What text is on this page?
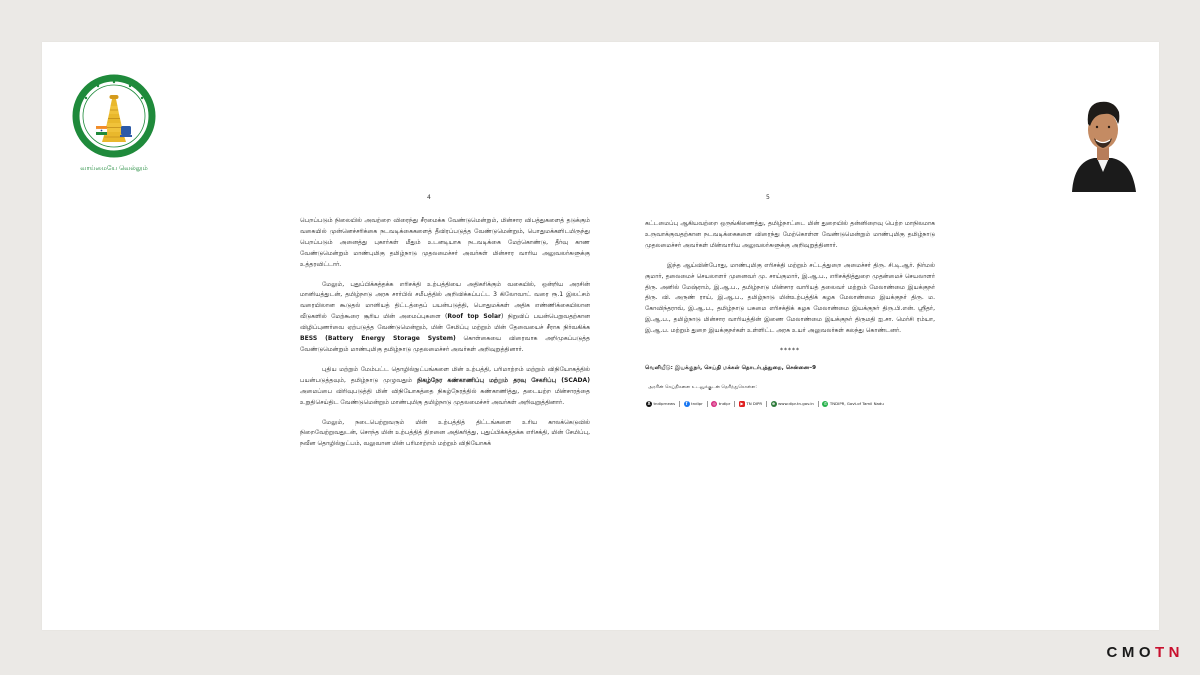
வாய்மையே வெல்லும்
4	5

பெறப்படும் நிலையில் அவற்றை விரைந்து சீரமைக்க வேண்டுமென்றும், மின்சார விபத்துகளைத் தடுக்கும் வகையில் முன்னெச்சரிக்கை நடவடிக்கைகளைத் தீவிரப்படுத்த வேண்டுமென்றும், பொதுமக்களிடமிருந்து பெறப்படும் அனைத்து புகார்கள் மீதும் உடனடியாக நடவடிக்கை மேற்கொண்டு, தீர்வு காண வேண்டுமென்றும் மாண்புமிகு தமிழ்நாடு முதலமைச்சர் அவர்கள் மின்சார வாரிய அலுவலர்களுக்கு உத்தரவிட்டார்.

மேலும், புதுப்பிக்கத்தக்க எரிசக்தி உற்பத்தியை அதிகரிக்கும் வகையில், ஒன்றிய அரசின் மானியத்துடன், தமிழ்நாடு அரசு சார்பில் சமீபத்தில் அறிவிக்கப்பட்ட 3 கிலோவாட் வரை ரூ.1 இலட்சம் வரையிலான கூடுதல் மானியத் திட்டத்தைப் பயன்படுத்தி, பொதுமக்கள் அதிக எண்ணிக்கையிலான வீடுகளில் மேற்கூரை சூரிய மின் அமைப்புகளை (Roof top Solar) நிறுவிப் பயன்பெறுவதற்கான விழிப்புணர்வை ஏற்படுத்த வேண்டுமென்றும், மின் சேமிப்பு மற்றும் மின் தேவையைச் சீராக நிர்வகிக்க BESS (Battery Energy Storage System) கொள்கையை விரைவாக அறிமுகப்படுத்த வேண்டுமென்றும் மாண்புமிகு தமிழ்நாடு முதலமைச்சர் அவர்கள் அறிவுறுத்தினார்.

புதிய மற்றும் மேம்பட்ட தொழில்நுட்பங்களை மின் உற்பத்தி, பரிமாற்றம் மற்றும் விநியோகத்தில் பயன்படுத்தவும், தமிழ்நாடு முழுவதும் நிகழ்நேர கண்காணிப்பு மற்றும் தரவு சேகரிப்பு (SCADA) அமைப்பை விரிவுபடுத்தி மின் விநியோகத்தை நிகழ்நேரத்தில் கண்காணித்து, தடையற்ற மின்சாரத்தை உறுதிசெய்திட வேண்டுமென்றும் மாண்புமிகு தமிழ்நாடு முதலமைச்சர் அவர்கள் அறிவுறுத்தினார்.

மேலும், நடைபெற்றுவரும் மின் உற்பத்தித் திட்டங்களை உரிய காலக்கெடுவில் நிறைவேற்றுவதுடன், சொந்த மின் உற்பத்தித் திறனை அதிகரித்து, புதுப்பிக்கத்தக்க எரிசக்தி, மின் சேமிப்பு, நவீன தொழில்நுட்பம், வலுவான மின் பரிமாற்றம் மற்றும் விநியோகக்

கட்டமைப்பு ஆகியவற்றை ஒருங்கிணைத்து, தமிழ்நாட்டை மின் துறையில் தன்னிறைவு பெற்ற மாநிலமாக உருவாக்குவதற்கான நடவடிக்கைகளை விரைந்து மேற்கொள்ள வேண்டுமென்றும் மாண்புமிகு தமிழ்நாடு முதலமைச்சர் அவர்கள் மின்வாரிய அலுவலர்களுக்கு அறிவுறுத்தினார்.

இந்த ஆய்வின்போது, மாண்புமிகு எரிசக்தி மற்றும் சட்டத்துறை அமைச்சர் திரு. சி.டி.ஆர். நிர்மல் குமார், தலைமைச் செயலாளர் முனைவர் மு. சாய்குமார், இ.ஆ.ப., எரிசக்தித்துறை முதன்மைச் செயலாளர் திரு. அனில் மேஷ்ராம், இ.ஆ.ப., தமிழ்நாடு மின்சார வாரியத் தலைவர் மற்றும் மேலாண்மை இயக்குநர் திரு. வி. அருண் ராய், இ.ஆ.ப., தமிழ்நாடு மின்உற்பத்திக் கழக மேலாண்மை இயக்குநர் திரு. ம. கோவிந்தராவ், இ.ஆ.ப., தமிழ்நாடு பசுமை எரிசக்திக் கழக மேலாண்மை இயக்குநர் திரு.பி.என். ஸ்ரீதர், இ.ஆ.ப., தமிழ்நாடு மின்சார வாரியத்தின் இணை மேலாண்மை இயக்குநர் திருமதி ஐ.சா. மெர்சி ரம்யா, இ.ஆ.ப. மற்றும் துறை இயக்குநர்கள் உள்ளிட்ட அரசு உயர் அலுவலர்கள் கலந்து கொண்டனர்.

*****

வெளியீடு: இயக்குநர், செய்தி மக்கள் தொடர்புத்துறை, சென்னை–9

அரசின் செய்திகளை உடனுக்குடன் தெரிந்துகொள்ள:
X tndiprnews	f tndipr	◎ tndipr	▶ TN DIPR	⊕ www.dipr.tn.gov.in	✆ TNDIPR, Govt.of Tamil Nadu
CMOTN
